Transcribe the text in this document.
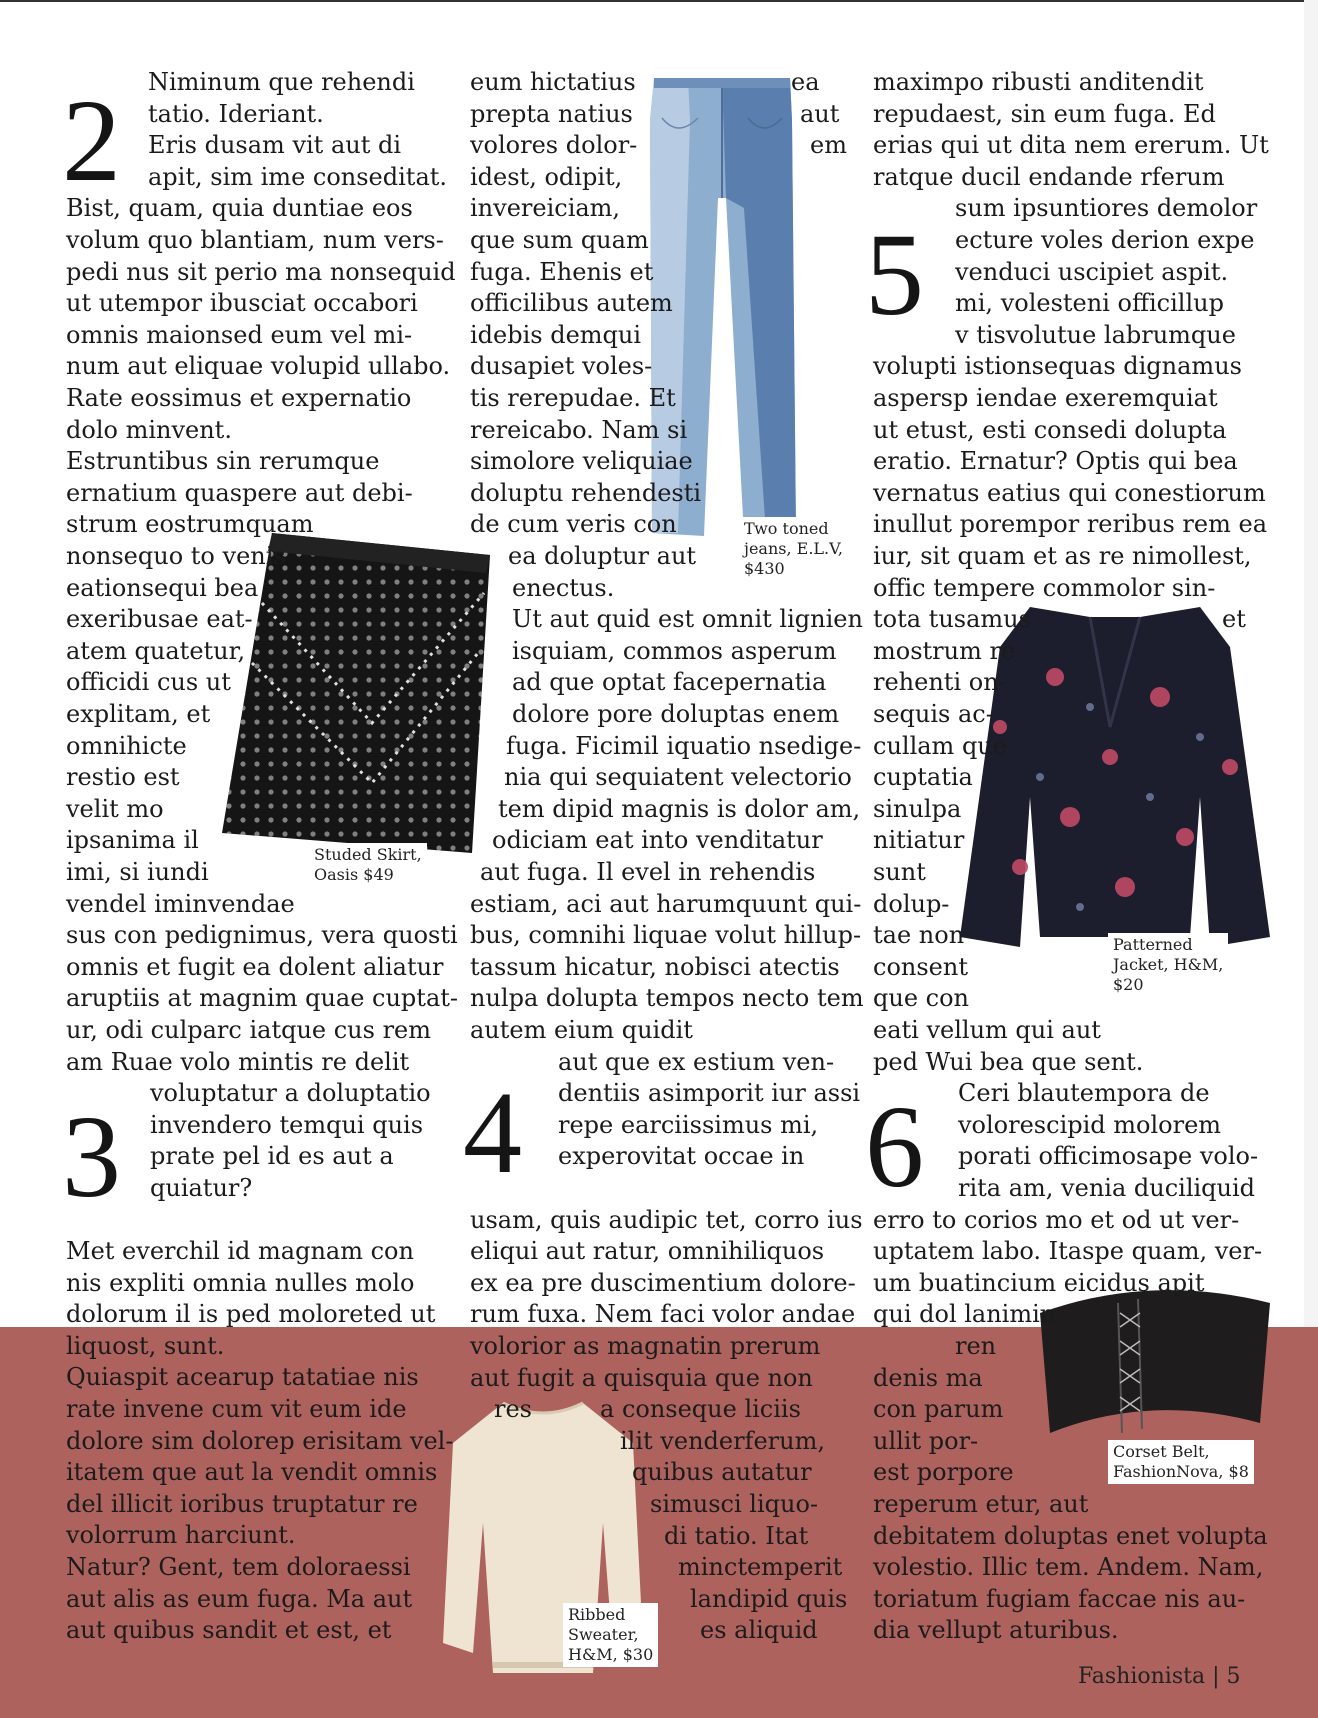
2
3	4
5
6
Niminum que rehendi
tatio. Ideriant.
Eris dusam vit aut di
apit, sim ime conseditat.
Bist, quam, quia duntiae eos
volum quo blantiam, num vers-
pedi nus sit perio ma nonsequid
ut utempor ibusciat occabori
omnis maionsed eum vel mi-
num aut eliquae volupid ullabo.
Rate eossimus et expernatio
dolo minvent.
Estruntibus sin rerumque
ernatium quaspere aut debi-
strum eostrumquam
nonsequo to venis
eationsequi bea
exeribusae eat-
atem quatetur,
officidi cus ut
explitam, et
omnihicte
restio est
velit mo
ipsanima il
imi, si iundi
vendel iminvendae
sus con pedignimus, vera quosti
omnis et fugit ea dolent aliatur
aruptiis at magnim quae cuptat-
ur, odi culparc iatque cus rem
am Ruae volo mintis re delit
voluptatur a doluptatio
invendero temqui quis
prate pel id es aut a
quiatur?
Met everchil id magnam con
nis expliti omnia nulles molo
dolorum il is ped moloreted ut
liquost, sunt.
Quiaspit acearup tatatiae nis
rate invene cum vit eum ide
dolore sim dolorep erisitam vel-
itatem que aut la vendit omnis
del illicit ioribus truptatur re
volorrum harciunt.
Natur? Gent, tem doloraessi
aut alis as eum fuga. Ma aut
aut quibus sandit et est, et
eum hictatius
prepta natius
volores dolor-
idest, odipit,
invereiciam,
que sum quam
fuga. Ehenis et
officilibus autem
idebis demqui
dusapiet voles-
tis rerepudae. Et
rereicabo. Nam si
simolore veliquiae
doluptu rehendesti
de cum veris con
ea
aut
em
ea doluptur aut
enectus.
Ut aut quid est omnit lignien
isquiam, commos asperum
ad que optat facepernatia
dolore pore doluptas enem
fuga. Ficimil iquatio nsedige-
nia qui sequiatent velectorio
tem dipid magnis is dolor am,
odiciam eat into venditatur
aut fuga. Il evel in rehendis
estiam, aci aut harumquunt qui-
bus, comnihi liquae volut hillup-
tassum hicatur, nobisci atectis
nulpa dolupta tempos necto tem
autem eium quidit
aut que ex estium ven-
dentiis asimporit iur assi
repe earciissimus mi,
experovitat occae in
usam, quis audipic tet, corro ius
eliqui aut ratur, omnihiliquos
ex ea pre duscimentium dolore-
rum fuxa. Nem faci volor andae
volorior as magnatin prerum
aut fugit a quisquia que non
res	a conseque liciis
ilit venderferum,
quibus autatur
simusci liquo-
di tatio. Itat
minctemperit
landipid quis
es aliquid
maximpo ribusti anditendit
repudaest, sin eum fuga. Ed
erias qui ut dita nem ererum. Ut
ratque ducil endande rferum
sum ipsuntiores demolor
ecture voles derion expe
venduci uscipiet aspit.
mi, volesteni officillup
v tisvolutue labrumque
volupti istionsequas dignamus
aspersp iendae exeremquiat
ut etust, esti consedi dolupta
eratio. Ernatur? Optis qui bea
vernatus eatius qui conestiorum
inullut porempor reribus rem ea
iur, sit quam et as re nimollest,
offic tempere commolor sin-
tota tusamus
mostrum re
rehenti on-
sequis ac-
cullam que
cuptatia
sinulpa
nitiatur
sunt
dolup-
tae non
consent
que con
eati vellum qui aut
ped Wui bea que sent.
et
Ceri blautempora de
volorescipid molorem
porati officimosape volo-
rita am, venia duciliquid
erro to corios mo et od ut ver-
uptatem labo. Itaspe quam, ver-
um buatincium eicidus apit
qui dol lanimin
ren
denis ma
con parum
ullit por-
est porpore
reperum etur, aut
debitatem doluptas enet volupta
volestio. Illic tem. Andem. Nam,
toriatum fugiam faccae nis au-
dia vellupt aturibus.
Two toned
jeans, E.L.V,
$430
Studed Skirt,
Oasis $49
Patterned
Jacket, H&M,
$20
Corset Belt,
FashionNova, $8
Ribbed
Sweater,
H&M, $30
Fashionista | 5
